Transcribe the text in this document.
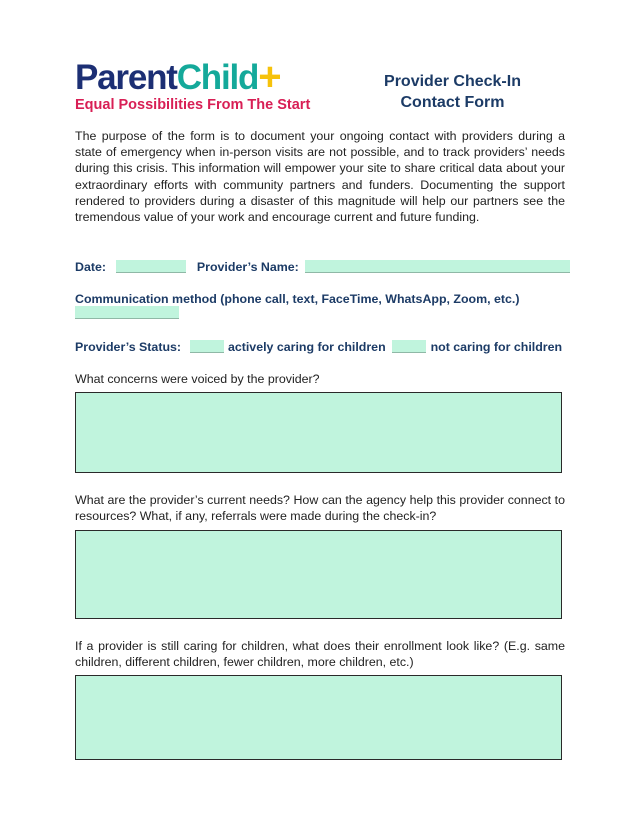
ParentChild+
Equal Possibilities From The Start
Provider Check-In
Contact Form
The purpose of the form is to document your ongoing contact with providers during a state of emergency when in-person visits are not possible, and to track providers’ needs during this crisis. This information will empower your site to share critical data about your extraordinary efforts with community partners and funders. Documenting the support rendered to providers during a disaster of this magnitude will help our partners see the tremendous value of your work and encourage current and future funding.
Date:	Provider’s Name:
Communication method (phone call, text, FaceTime, WhatsApp, Zoom, etc.)
Provider’s Status:	actively caring for children	not caring for children
What concerns were voiced by the provider?
What are the provider’s current needs? How can the agency help this provider connect to resources? What, if any, referrals were made during the check-in?
If a provider is still caring for children, what does their enrollment look like? (E.g. same children, different children, fewer children, more children, etc.)
